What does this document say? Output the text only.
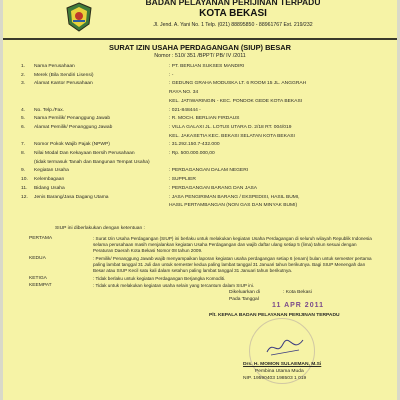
BADAN PELAYANAN PERIJINAN TERPADU
KOTA BEKASI
Jl. Jend. A. Yani No. 1 Telp. (021) 88895850 - 88961767 Ext. 219/232
SURAT IZIN USAHA PERDAGANGAN (SIUP) BESAR
Nomor : 510/ 351 /BPPT/ PB/ IV /2011
1. Nama Perusahaan	: PT. BERLIAN SUKSES MANDIRI
2. Merek (Bila Sendiri Lisensi)	: -
3. Alamat Kantor Perusahaan	: GEDUNG GRAHA MODUSKA LT. 6 ROOM 15 JL. ANGGRAH
RAYA NO. 34
KEL. JATIWARINGIN - KEC. PONDOK GEDE KOTA BEKASI
4. No. Telp./Fax.	: 021-848444 -
5. Nama Pemilik/ Penanggung Jawab	: R. MOCH. BERLIAN FIRDAUS
6. Alamat Pemilik/ Penanggung Jawab	: VILLA GALAXI JL. LOTUS UTARA D. 2/18 RT. 004/019
KEL. JAKASETIA KEC. BEKASI SELATAN KOTA BEKASI
7. Nomor Pokok Wajib Pajak (NPWP)	: 31.292.150.7-432.000
8. Nilai Modal Dan Kekayaan Bersih Perusahaan	: Rp. 500.000.000,00
(tidak termasuk Tanah dan Bangunan Tempat Usaha)
9. Kegiatan Usaha	: PERDAGANGAN DALAM NEGERI
10. Kelembagaan	: SUPPLIER
11. Bidang Usaha	: PERDAGANGAN BARANG DAN JASA
12. Jenis Barang/Jasa Dagang Utama	: JASA PENGIRIMAN BARANG / EKSPEDISI, HASIL BUMI,
HASIL PERTAMBANGAN (NON GAS DAN MINYAK BUMI)
SIUP ini diberlakukan dengan ketentuan :
PERTAMA	: Surat Izin Usaha Perdagangan (SIUP) ini berlaku untuk melakukan kegiatan Usaha Perdagangan di seluruh wilayah Republik Indonesia selama perusahaan masih menjalankan kegiatan Usaha Perdagangan dan wajib daftar ulang setiap 5 (lima) tahun sesuai dengan Peraturan Daerah Kota Bekasi Nomor 08 tahun 2009.
KEDUA	: Pemilik/ Penanggung Jawab wajib menyampaikan laporan kegiatan usaha perdagangan setiap 6 (enam) bulan untuk semester pertama paling lambat tanggal 31 Juli dan untuk semester kedua paling lambat tanggal 31 Januari tahun berikutnya. Bagi SIUP Menengah dan Besar atau SIUP Kecil satu kali dalam setahun paling lambat tanggal 31 Januari tahun berikutnya.
KETIGA	: Tidak berlaku untuk kegiatan Perdagangan Berjangka Komoditi.
KEEMPAT	: Tidak untuk melakukan kegiatan usaha selain yang tercantum dalam SIUP ini.
Dikeluarkan di	: Kota Bekasi
Pada Tanggal
11 APR 2011
Plt. KEPALA BADAN PELAYANAN PERIJINAN TERPADU
Drs. H. MOMON SULAEMAN, M.Si
Pembina Utama Muda
NIP. 19590403 198503 1 019
